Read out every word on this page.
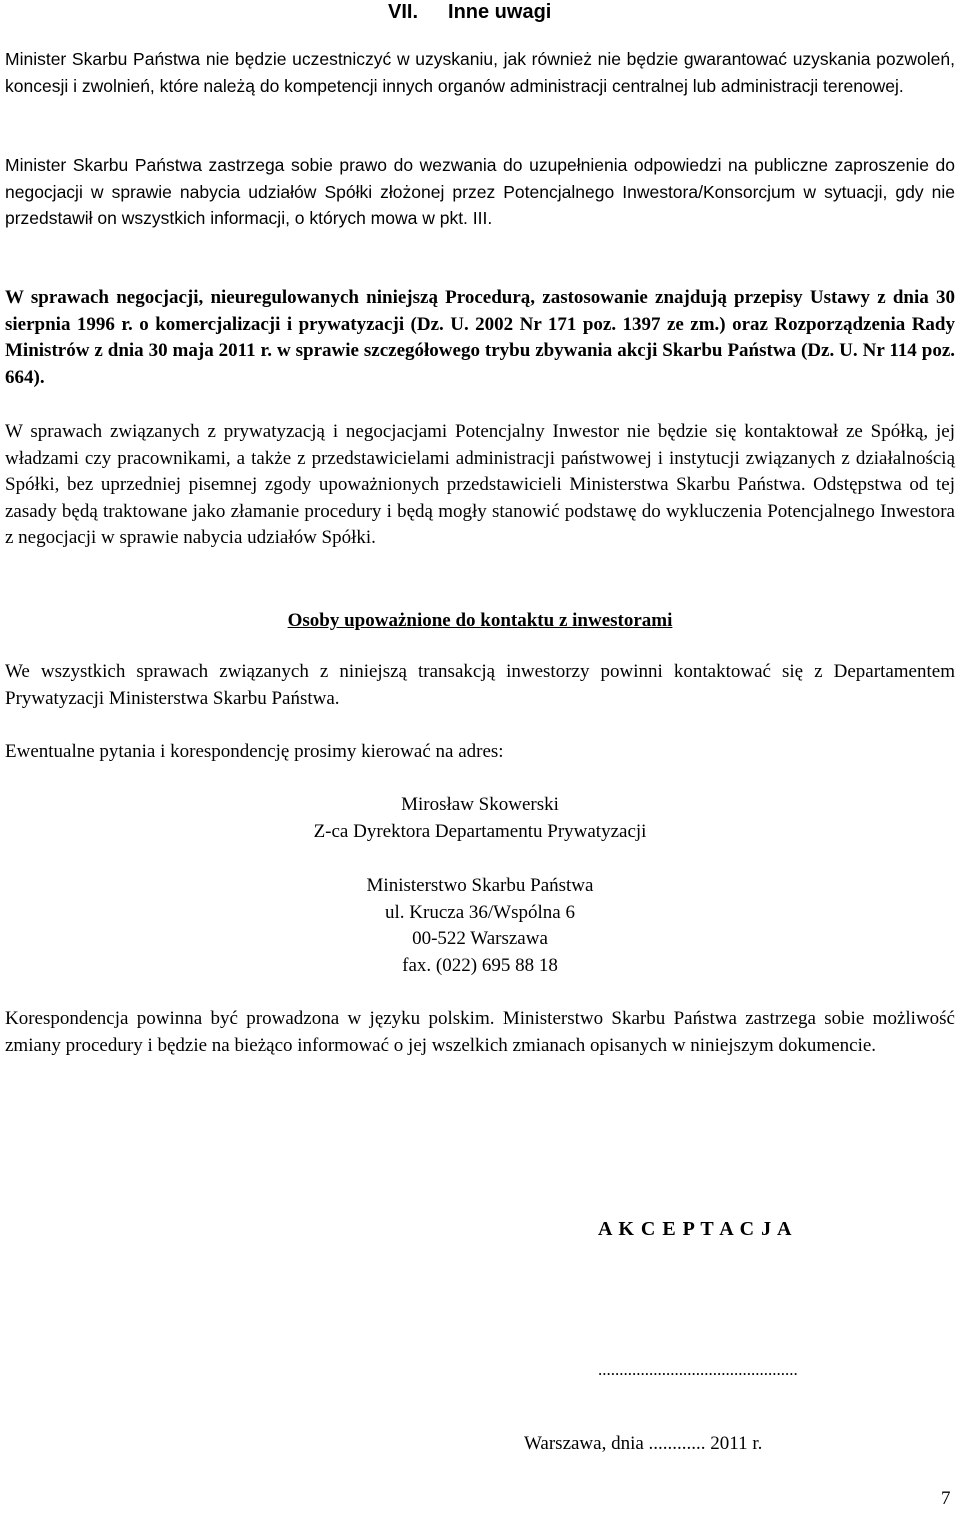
VII. Inne uwagi

Minister Skarbu Państwa nie będzie uczestniczyć w uzyskaniu, jak również nie będzie gwarantować uzyskania pozwoleń, koncesji i zwolnień, które należą do kompetencji innych organów administracji centralnej lub administracji terenowej.

Minister Skarbu Państwa zastrzega sobie prawo do wezwania do uzupełnienia odpowiedzi na publiczne zaproszenie do negocjacji w sprawie nabycia udziałów Spółki złożonej przez Potencjalnego Inwestora/Konsorcjum w sytuacji, gdy nie przedstawił on wszystkich informacji, o których mowa w pkt. III.

W sprawach negocjacji, nieuregulowanych niniejszą Procedurą, zastosowanie znajdują przepisy Ustawy z dnia 30 sierpnia 1996 r. o komercjalizacji i prywatyzacji (Dz. U. 2002 Nr 171 poz. 1397 ze zm.) oraz Rozporządzenia Rady Ministrów z dnia 30 maja 2011 r. w sprawie szczegółowego trybu zbywania akcji Skarbu Państwa (Dz. U. Nr 114 poz. 664).

W sprawach związanych z prywatyzacją i negocjacjami Potencjalny Inwestor nie będzie się kontaktował ze Spółką, jej władzami czy pracownikami, a także z przedstawicielami administracji państwowej i instytucji związanych z działalnością Spółki, bez uprzedniej pisemnej zgody upoważnionych przedstawicieli Ministerstwa Skarbu Państwa. Odstępstwa od tej zasady będą traktowane jako złamanie procedury i będą mogły stanowić podstawę do wykluczenia Potencjalnego Inwestora z negocjacji w sprawie nabycia udziałów Spółki.

Osoby upoważnione do kontaktu z inwestorami

We wszystkich sprawach związanych z niniejszą transakcją inwestorzy powinni kontaktować się z Departamentem Prywatyzacji Ministerstwa Skarbu Państwa.

Ewentualne pytania i korespondencję prosimy kierować na adres:

Mirosław Skowerski
Z-ca Dyrektora Departamentu Prywatyzacji
Ministerstwo Skarbu Państwa
ul. Krucza 36/Wspólna 6
00-522 Warszawa
fax. (022) 695 88 18

Korespondencja powinna być prowadzona w języku polskim. Ministerstwo Skarbu Państwa zastrzega sobie możliwość zmiany procedury i będzie na bieżąco informować o jej wszelkich zmianach opisanych w niniejszym dokumencie.

A K C E P T A C J A
...............................................
Warszawa, dnia ............ 2011 r.
7
